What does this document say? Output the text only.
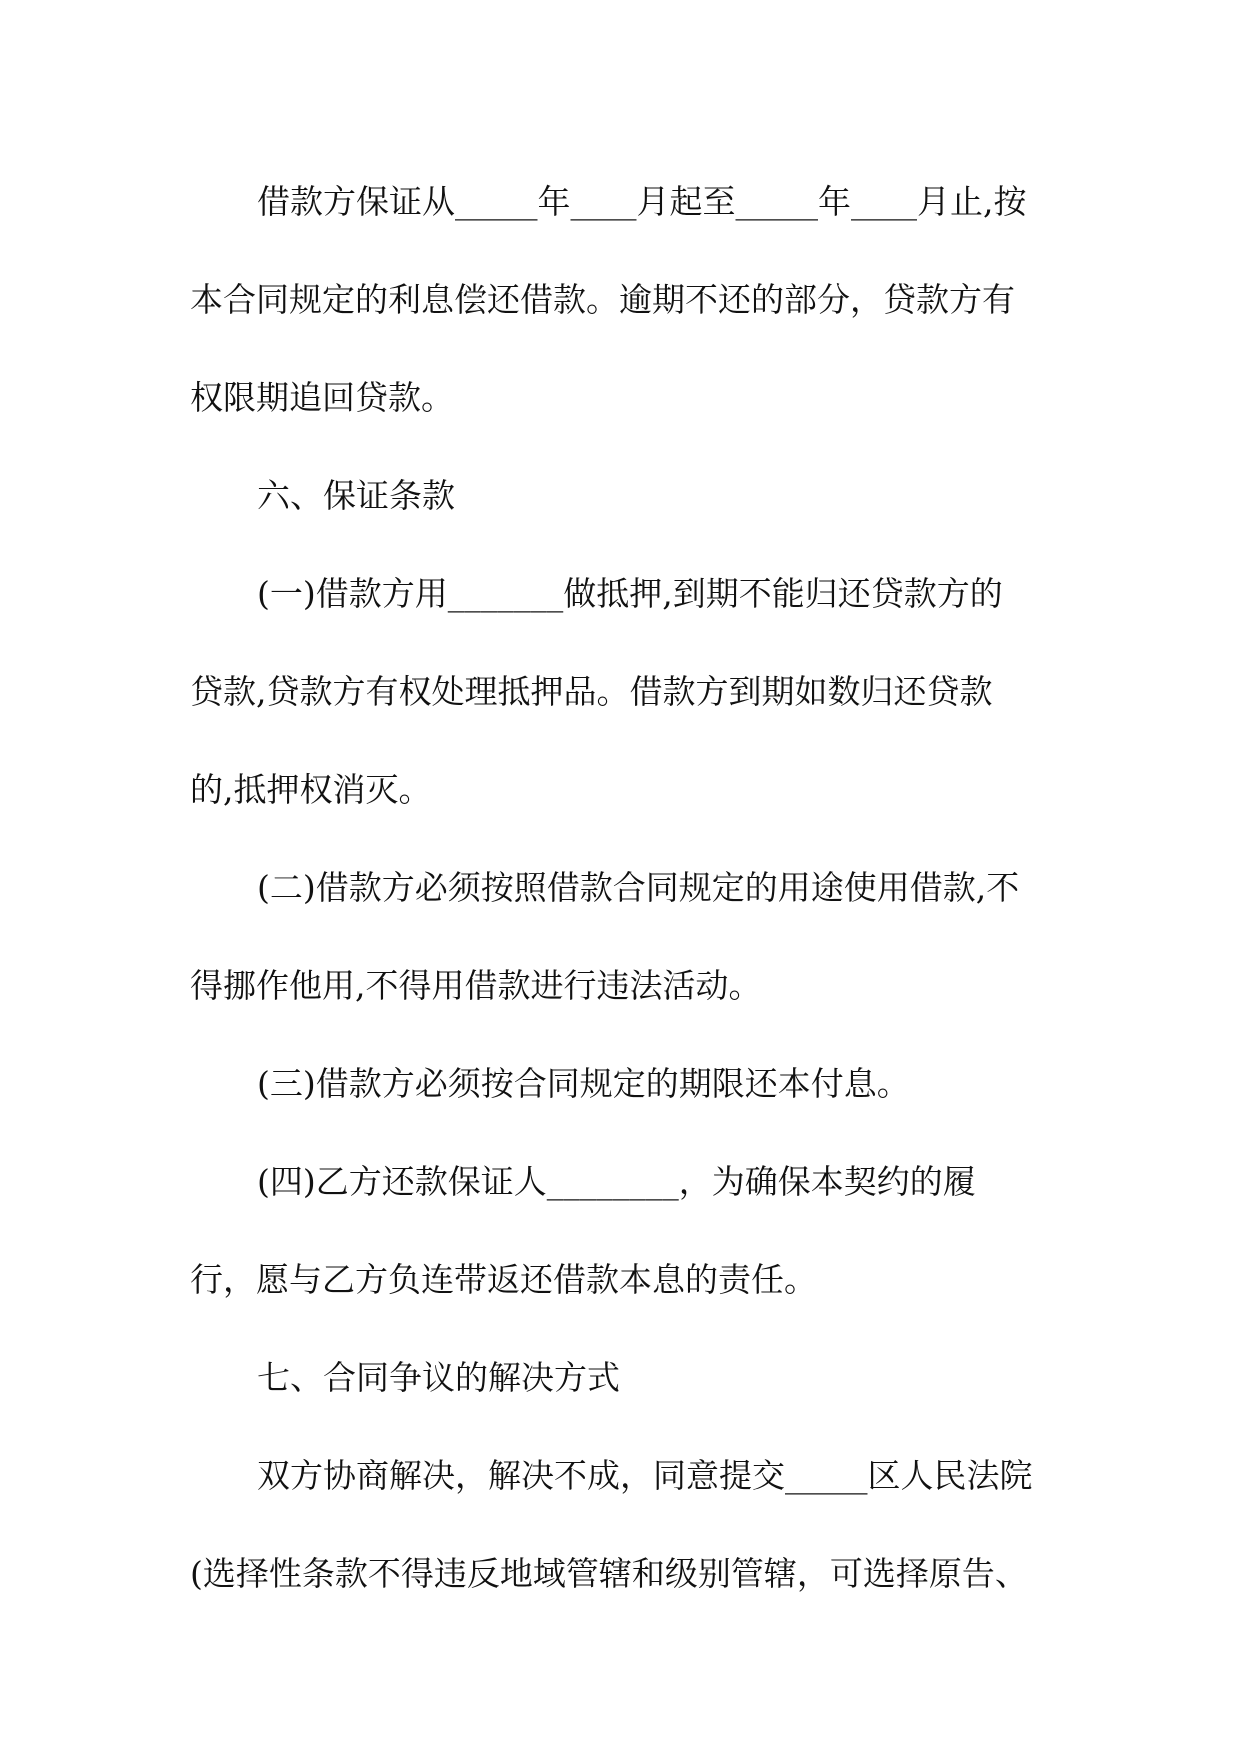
借款方保证从_____年____月起至_____年____月止,按
本合同规定的利息偿还借款。逾期不还的部分，贷款方有
权限期追回贷款。
六、保证条款
(一)借款方用_______做抵押,到期不能归还贷款方的
贷款,贷款方有权处理抵押品。借款方到期如数归还贷款
的,抵押权消灭。
(二)借款方必须按照借款合同规定的用途使用借款,不
得挪作他用,不得用借款进行违法活动。
(三)借款方必须按合同规定的期限还本付息。
(四)乙方还款保证人________，为确保本契约的履
行，愿与乙方负连带返还借款本息的责任。
七、合同争议的解决方式
双方协商解决，解决不成，同意提交_____区人民法院
(选择性条款不得违反地域管辖和级别管辖，可选择原告、
